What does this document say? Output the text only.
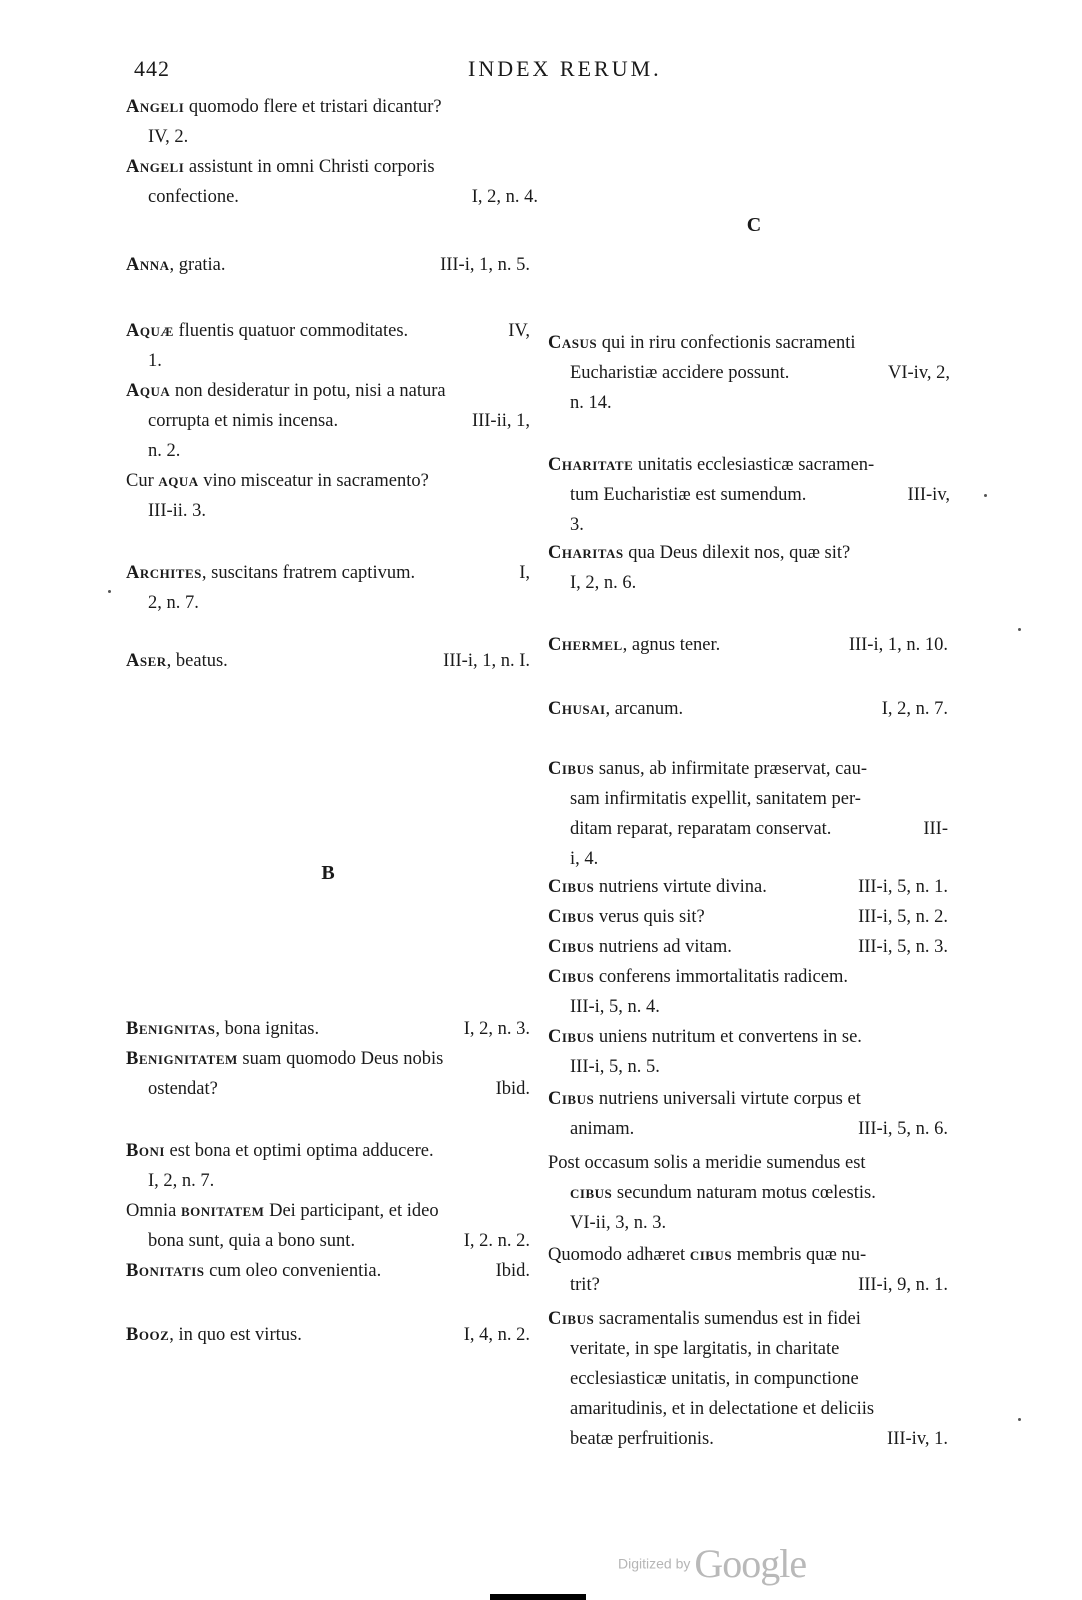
442	INDEX RERUM.
Angeli quomodo flere et tristari dicantur?
IV, 2.
Angeli assistunt in omni Christi corporis
confectione.	I, 2, n. 4.
Anna, gratia.	III-i, 1, n. 5.
Aquæ fluentis quatuor commoditates.	IV,
1.
Aqua non desideratur in potu, nisi a natura
corrupta et nimis incensa.	III-ii, 1,
n. 2.
Cur aqua vino misceatur in sacramento?
III-ii. 3.
Archites, suscitans fratrem captivum.	I,
2, n. 7.
Aser, beatus.	III-i, 1, n. I.
B
Benignitas, bona ignitas.	I, 2, n. 3.
Benignitatem suam quomodo Deus nobis
ostendat?	Ibid.
Boni est bona et optimi optima adducere.
I, 2, n. 7.
Omnia bonitatem Dei participant, et ideo
bona sunt, quia a bono sunt.	I, 2. n. 2.
Bonitatis cum oleo convenientia.	Ibid.
Booz, in quo est virtus.	I, 4, n. 2.
C
Casus qui in riru confectionis sacramenti
Eucharistiæ accidere possunt.	VI-iv, 2,
n. 14.
Charitate unitatis ecclesiasticæ sacramen-
tum Eucharistiæ est sumendum.	III-iv,
3.
Charitas qua Deus dilexit nos, quæ sit?
I, 2, n. 6.
Chermel, agnus tener.	III-i, 1, n. 10.
Chusai, arcanum.	I, 2, n. 7.
Cibus sanus, ab infirmitate præservat, cau-
sam infirmitatis expellit, sanitatem per-
ditam reparat, reparatam conservat.	III-
i, 4.
Cibus nutriens virtute divina.	III-i, 5, n. 1.
Cibus verus quis sit?	III-i, 5, n. 2.
Cibus nutriens ad vitam.	III-i, 5, n. 3.
Cibus conferens immortalitatis radicem.
III-i, 5, n. 4.
Cibus uniens nutritum et convertens in se.
III-i, 5, n. 5.
Cibus nutriens universali virtute corpus et
animam.	III-i, 5, n. 6.
Post occasum solis a meridie sumendus est
cibus secundum naturam motus cœlestis.
VI-ii, 3, n. 3.
Quomodo adhæret cibus membris quæ nu-
trit?	III-i, 9, n. 1.
Cibus sacramentalis sumendus est in fidei
veritate, in spe largitatis, in charitate
ecclesiasticæ unitatis, in compunctione
amaritudinis, et in delectatione et deliciis
beatæ perfruitionis.	III-iv, 1.
Digitized by Google
